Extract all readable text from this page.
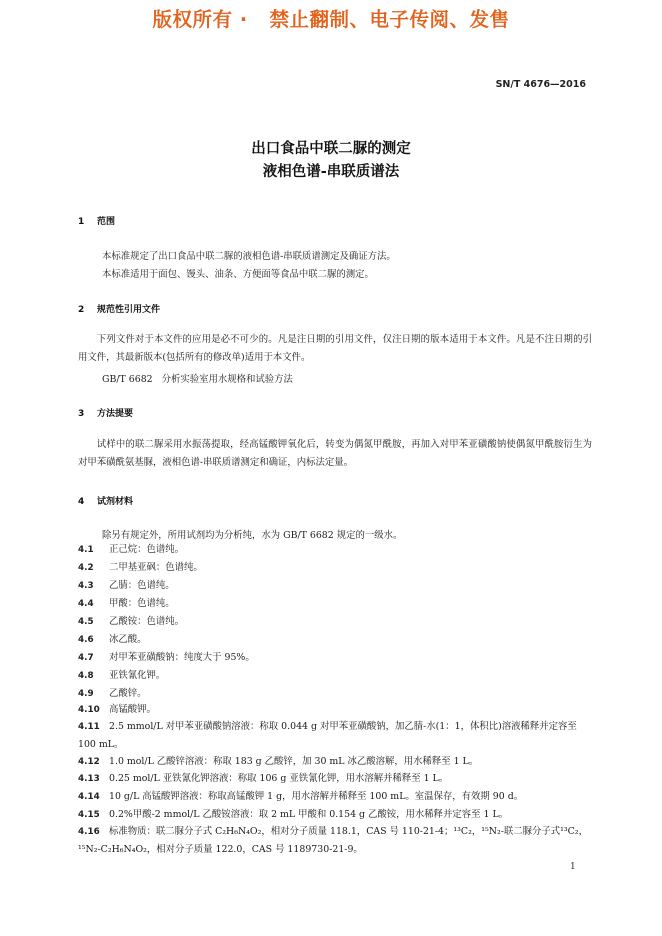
版权所有 ·   禁止翻制、电子传阅、发售
SN/T 4676—2016
出口食品中联二脲的测定
液相色谱-串联质谱法
1 范围
本标准规定了出口食品中联二脲的液相色谱-串联质谱测定及确证方法。
本标准适用于面包、馒头、油条、方便面等食品中联二脲的测定。
2 规范性引用文件
下列文件对于本文件的应用是必不可少的。凡是注日期的引用文件，仅注日期的版本适用于本文件。凡是不注日期的引用文件，其最新版本(包括所有的修改单)适用于本文件。
GB/T 6682   分析实验室用水规格和试验方法
3 方法提要
试样中的联二脲采用水振荡提取，经高锰酸钾氧化后，转变为偶氮甲酰胺，再加入对甲苯亚磺酸钠使偶氮甲酰胺衍生为对甲苯磺酰氨基脲，液相色谱-串联质谱测定和确证，内标法定量。
4 试剂材料
除另有规定外，所用试剂均为分析纯，水为 GB/T 6682 规定的一级水。
4.1 正己烷：色谱纯。
4.2 二甲基亚砜：色谱纯。
4.3 乙腈：色谱纯。
4.4 甲酸：色谱纯。
4.5 乙酸铵：色谱纯。
4.6 冰乙酸。
4.7 对甲苯亚磺酸钠：纯度大于 95%。
4.8 亚铁氰化钾。
4.9 乙酸锌。
4.10 高锰酸钾。
4.11 2.5 mmol/L 对甲苯亚磺酸钠溶液：称取 0.044 g 对甲苯亚磺酸钠，加乙腈-水(1：1，体积比)溶液稀释并定容至 100 mL。
4.12 1.0 mol/L 乙酸锌溶液：称取 183 g 乙酸锌，加 30 mL 冰乙酸溶解，用水稀释至 1 L。
4.13 0.25 mol/L 亚铁氰化钾溶液：称取 106 g 亚铁氰化钾，用水溶解并稀释至 1 L。
4.14 10 g/L 高锰酸钾溶液：称取高锰酸钾 1 g，用水溶解并稀释至 100 mL。室温保存，有效期 90 d。
4.15 0.2%甲酸-2 mmol/L 乙酸铵溶液：取 2 mL 甲酸和 0.154 g 乙酸铵，用水稀释并定容至 1 L。
4.16 标准物质：联二脲分子式 C₂H₆N₄O₂，相对分子质量 118.1，CAS 号 110-21-4；¹³C₂，¹⁵N₂-联二脲分子式¹³C₂，¹⁵N₂-C₂H₆N₄O₂，相对分子质量 122.0，CAS 号 1189730-21-9。
1
